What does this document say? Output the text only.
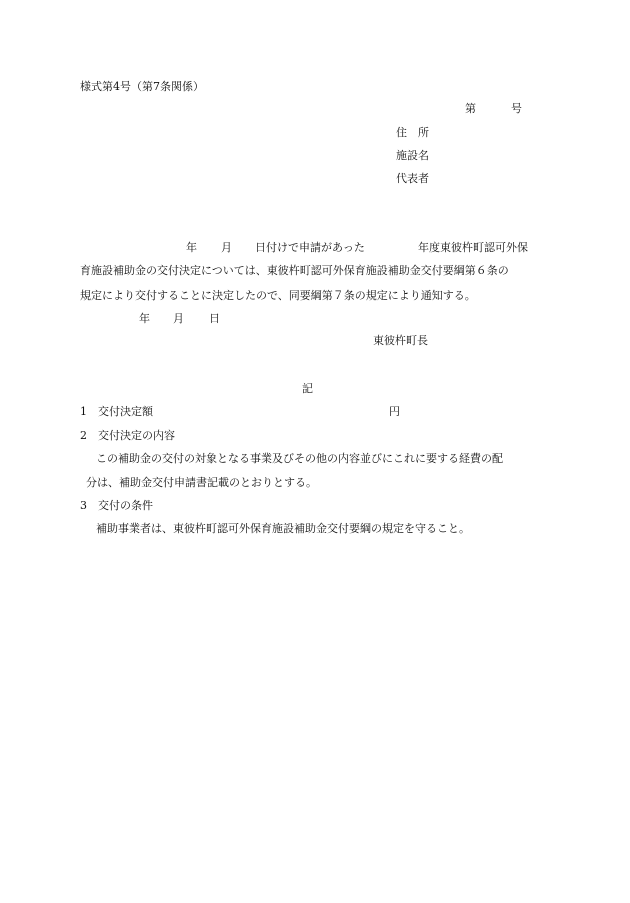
様式第4号（第7条関係）
第	号
住　所
施設名
代表者
年 月 日付けで申請があった	年度東彼杵町認可外保
育施設補助金の交付決定については、東彼杵町認可外保育施設補助金交付要綱第６条の
規定により交付することに決定したので、同要綱第７条の規定により通知する。
年 月 日
東彼杵町長
記
1　交付決定額	円
2　交付決定の内容
この補助金の交付の対象となる事業及びその他の内容並びにこれに要する経費の配
分は、補助金交付申請書記載のとおりとする。
3　交付の条件
補助事業者は、東彼杵町認可外保育施設補助金交付要綱の規定を守ること。
